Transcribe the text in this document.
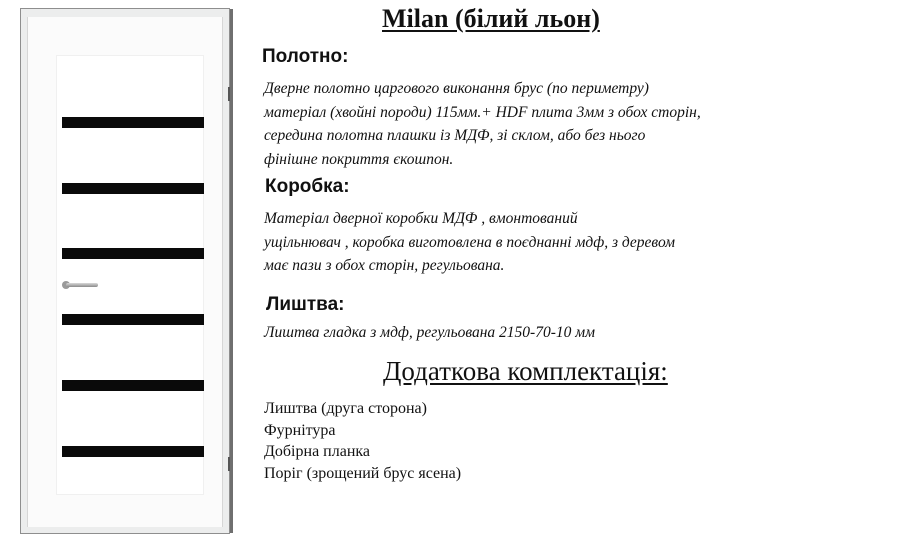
Milan (білий льон)
Полотно:

Дверне полотно царгового виконання брус (по периметру)
матеріал (хвойні породи) 115мм.+ HDF плита 3мм з обох сторін,
середина полотна плашки із МДФ, зі склом, або без нього
фінішне покриття єкошпон.

Коробка:

Матеріал дверної коробки МДФ , вмонтований
ущільнювач , коробка виготовлена в поєднанні мдф, з деревом
має пази з обох сторін, регульована.

Лиштва:

Лиштва гладка з мдф, регульована 2150-70-10 мм

Додаткова комплектація:
Лиштва (друга сторона)
Фурнітура
Добірна планка
Поріг (зрощений брус ясена)
